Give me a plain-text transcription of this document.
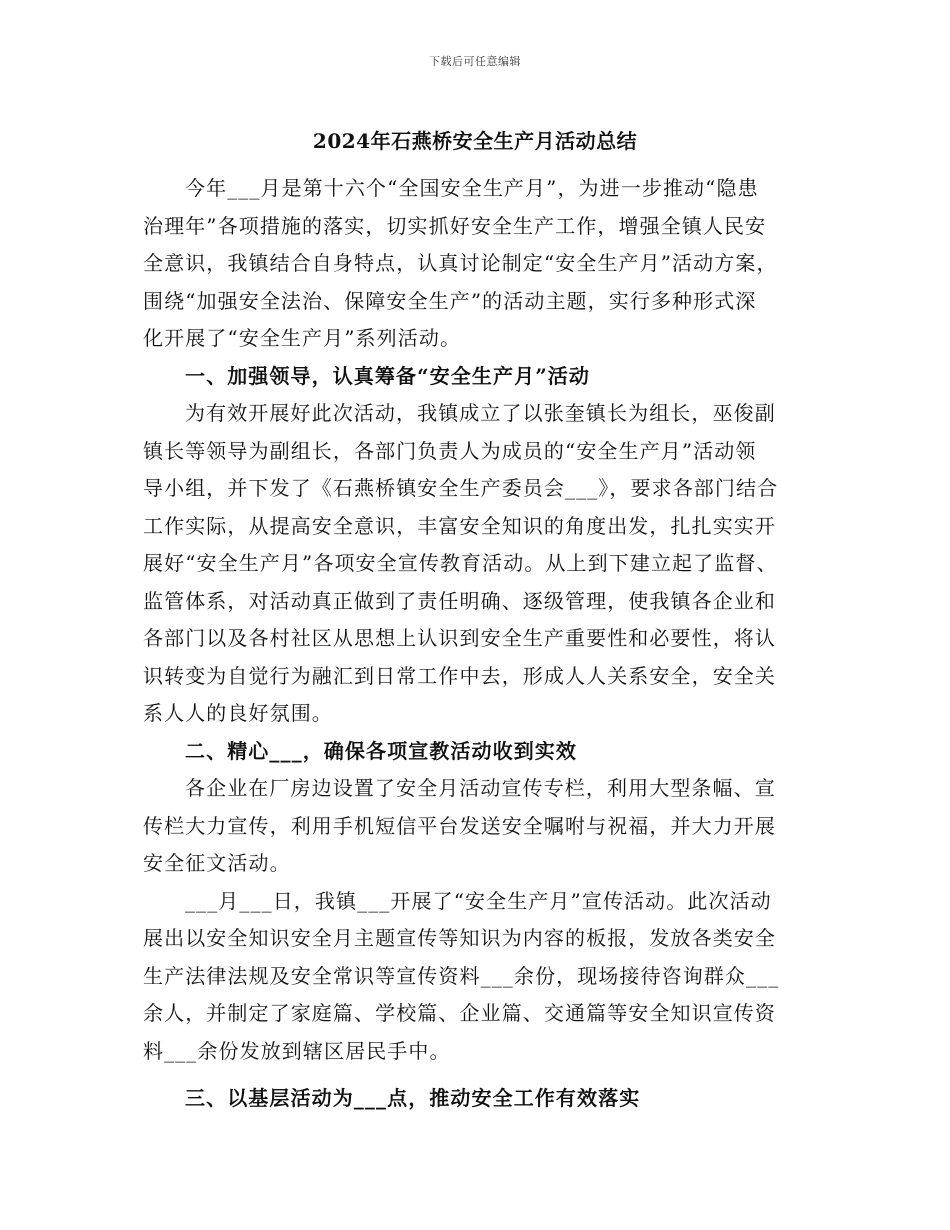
下载后可任意编辑
2024年石燕桥安全生产月活动总结
今年___月是第十六个“全国安全生产月”，为进一步推动“隐患
治理年”各项措施的落实，切实抓好安全生产工作，增强全镇人民安
全意识，我镇结合自身特点，认真讨论制定“安全生产月”活动方案，
围绕“加强安全法治、保障安全生产”的活动主题，实行多种形式深
化开展了“安全生产月”系列活动。
一、加强领导，认真筹备“安全生产月”活动
为有效开展好此次活动，我镇成立了以张奎镇长为组长，巫俊副
镇长等领导为副组长，各部门负责人为成员的“安全生产月”活动领
导小组，并下发了《石燕桥镇安全生产委员会___》，要求各部门结合
工作实际，从提高安全意识，丰富安全知识的角度出发，扎扎实实开
展好“安全生产月”各项安全宣传教育活动。从上到下建立起了监督、
监管体系，对活动真正做到了责任明确、逐级管理，使我镇各企业和
各部门以及各村社区从思想上认识到安全生产重要性和必要性，将认
识转变为自觉行为融汇到日常工作中去，形成人人关系安全，安全关
系人人的良好氛围。
二、精心___，确保各项宣教活动收到实效
各企业在厂房边设置了安全月活动宣传专栏，利用大型条幅、宣
传栏大力宣传，利用手机短信平台发送安全嘱咐与祝福，并大力开展
安全征文活动。
___月___日，我镇___开展了“安全生产月”宣传活动。此次活动
展出以安全知识安全月主题宣传等知识为内容的板报，发放各类安全
生产法律法规及安全常识等宣传资料___余份，现场接待咨询群众___
余人，并制定了家庭篇、学校篇、企业篇、交通篇等安全知识宣传资
料___余份发放到辖区居民手中。
三、以基层活动为___点，推动安全工作有效落实
